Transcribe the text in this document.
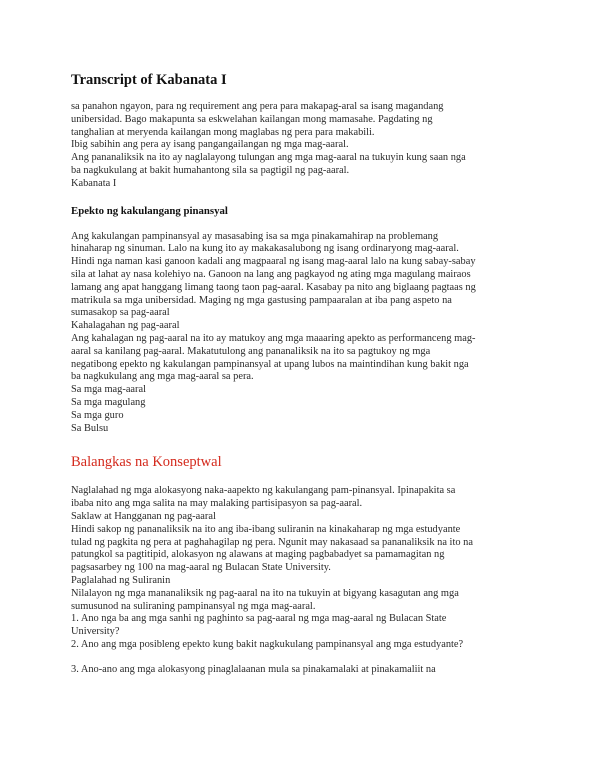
Transcript of Kabanata I
sa panahon ngayon, para ng requirement ang pera para makapag-aral sa isang magandang
unibersidad. Bago makapunta sa eskwelahan kailangan mong mamasahe. Pagdating ng
tanghalian at meryenda kailangan mong maglabas ng pera para makabili.
Ibig sabihin ang pera ay isang pangangailangan ng mga mag-aaral.
Ang pananaliksik na ito ay naglalayong tulungan ang mga mag-aaral na tukuyin kung saan nga
ba nagkukulang at bakit humahantong sila sa pagtigil ng pag-aaral.
Kabanata I
Epekto ng kakulangang pinansyal
Ang kakulangan pampinansyal ay masasabing isa sa mga pinakamahirap na problemang
hinaharap ng sinuman. Lalo na kung ito ay makakasalubong ng isang ordinaryong mag-aaral.
Hindi nga naman kasi ganoon kadali ang magpaaral ng isang mag-aaral lalo na kung sabay-sabay
sila at lahat ay nasa kolehiyo na. Ganoon na lang ang pagkayod ng ating mga magulang mairaos
lamang ang apat hanggang limang taong taon pag-aaral. Kasabay pa nito ang biglaang pagtaas ng
matrikula sa mga unibersidad. Maging ng mga gastusing pampaaralan at iba pang aspeto na
sumasakop sa pag-aaral
Kahalagahan ng pag-aaral
Ang kahalagan ng pag-aaral na ito ay matukoy ang mga maaaring apekto as performanceng mag-
aaral sa kanilang pag-aaral. Makatutulong ang pananaliksik na ito sa pagtukoy ng mga
negatibong epekto ng kakulangan pampinansyal at upang lubos na maintindihan kung bakit nga
ba nagkukulang ang mga mag-aaral sa pera.
Sa mga mag-aaral
Sa mga magulang
Sa mga guro
Sa Bulsu
Balangkas na Konseptwal
Naglalahad ng mga alokasyong naka-aapekto ng kakulangang pam-pinansyal. Ipinapakita sa
ibaba nito ang mga salita na may malaking partisipasyon sa pag-aaral.
Saklaw at Hangganan ng pag-aaral
Hindi sakop ng pananaliksik na ito ang iba-ibang suliranin na kinakaharap ng mga estudyante
tulad ng pagkita ng pera at paghahagilap ng pera. Ngunit may nakasaad sa pananaliksik na ito na
patungkol sa pagtitipid, alokasyon ng alawans at maging pagbabadyet sa pamamagitan ng
pagsasarbey ng 100 na mag-aaral ng Bulacan State University.
Paglalahad ng Suliranin
Nilalayon ng mga mananaliksik ng pag-aaral na ito na tukuyin at bigyang kasagutan ang mga
sumusunod na suliraning pampinansyal ng mga mag-aaral.
1. Ano nga ba ang mga sanhi ng paghinto sa pag-aaral ng mga mag-aaral ng Bulacan State
University?
2. Ano ang mga posibleng epekto kung bakit nagkukulang pampinansyal ang mga estudyante?
3. Ano-ano ang mga alokasyong pinaglalaanan mula sa pinakamalaki at pinakamaliit na
